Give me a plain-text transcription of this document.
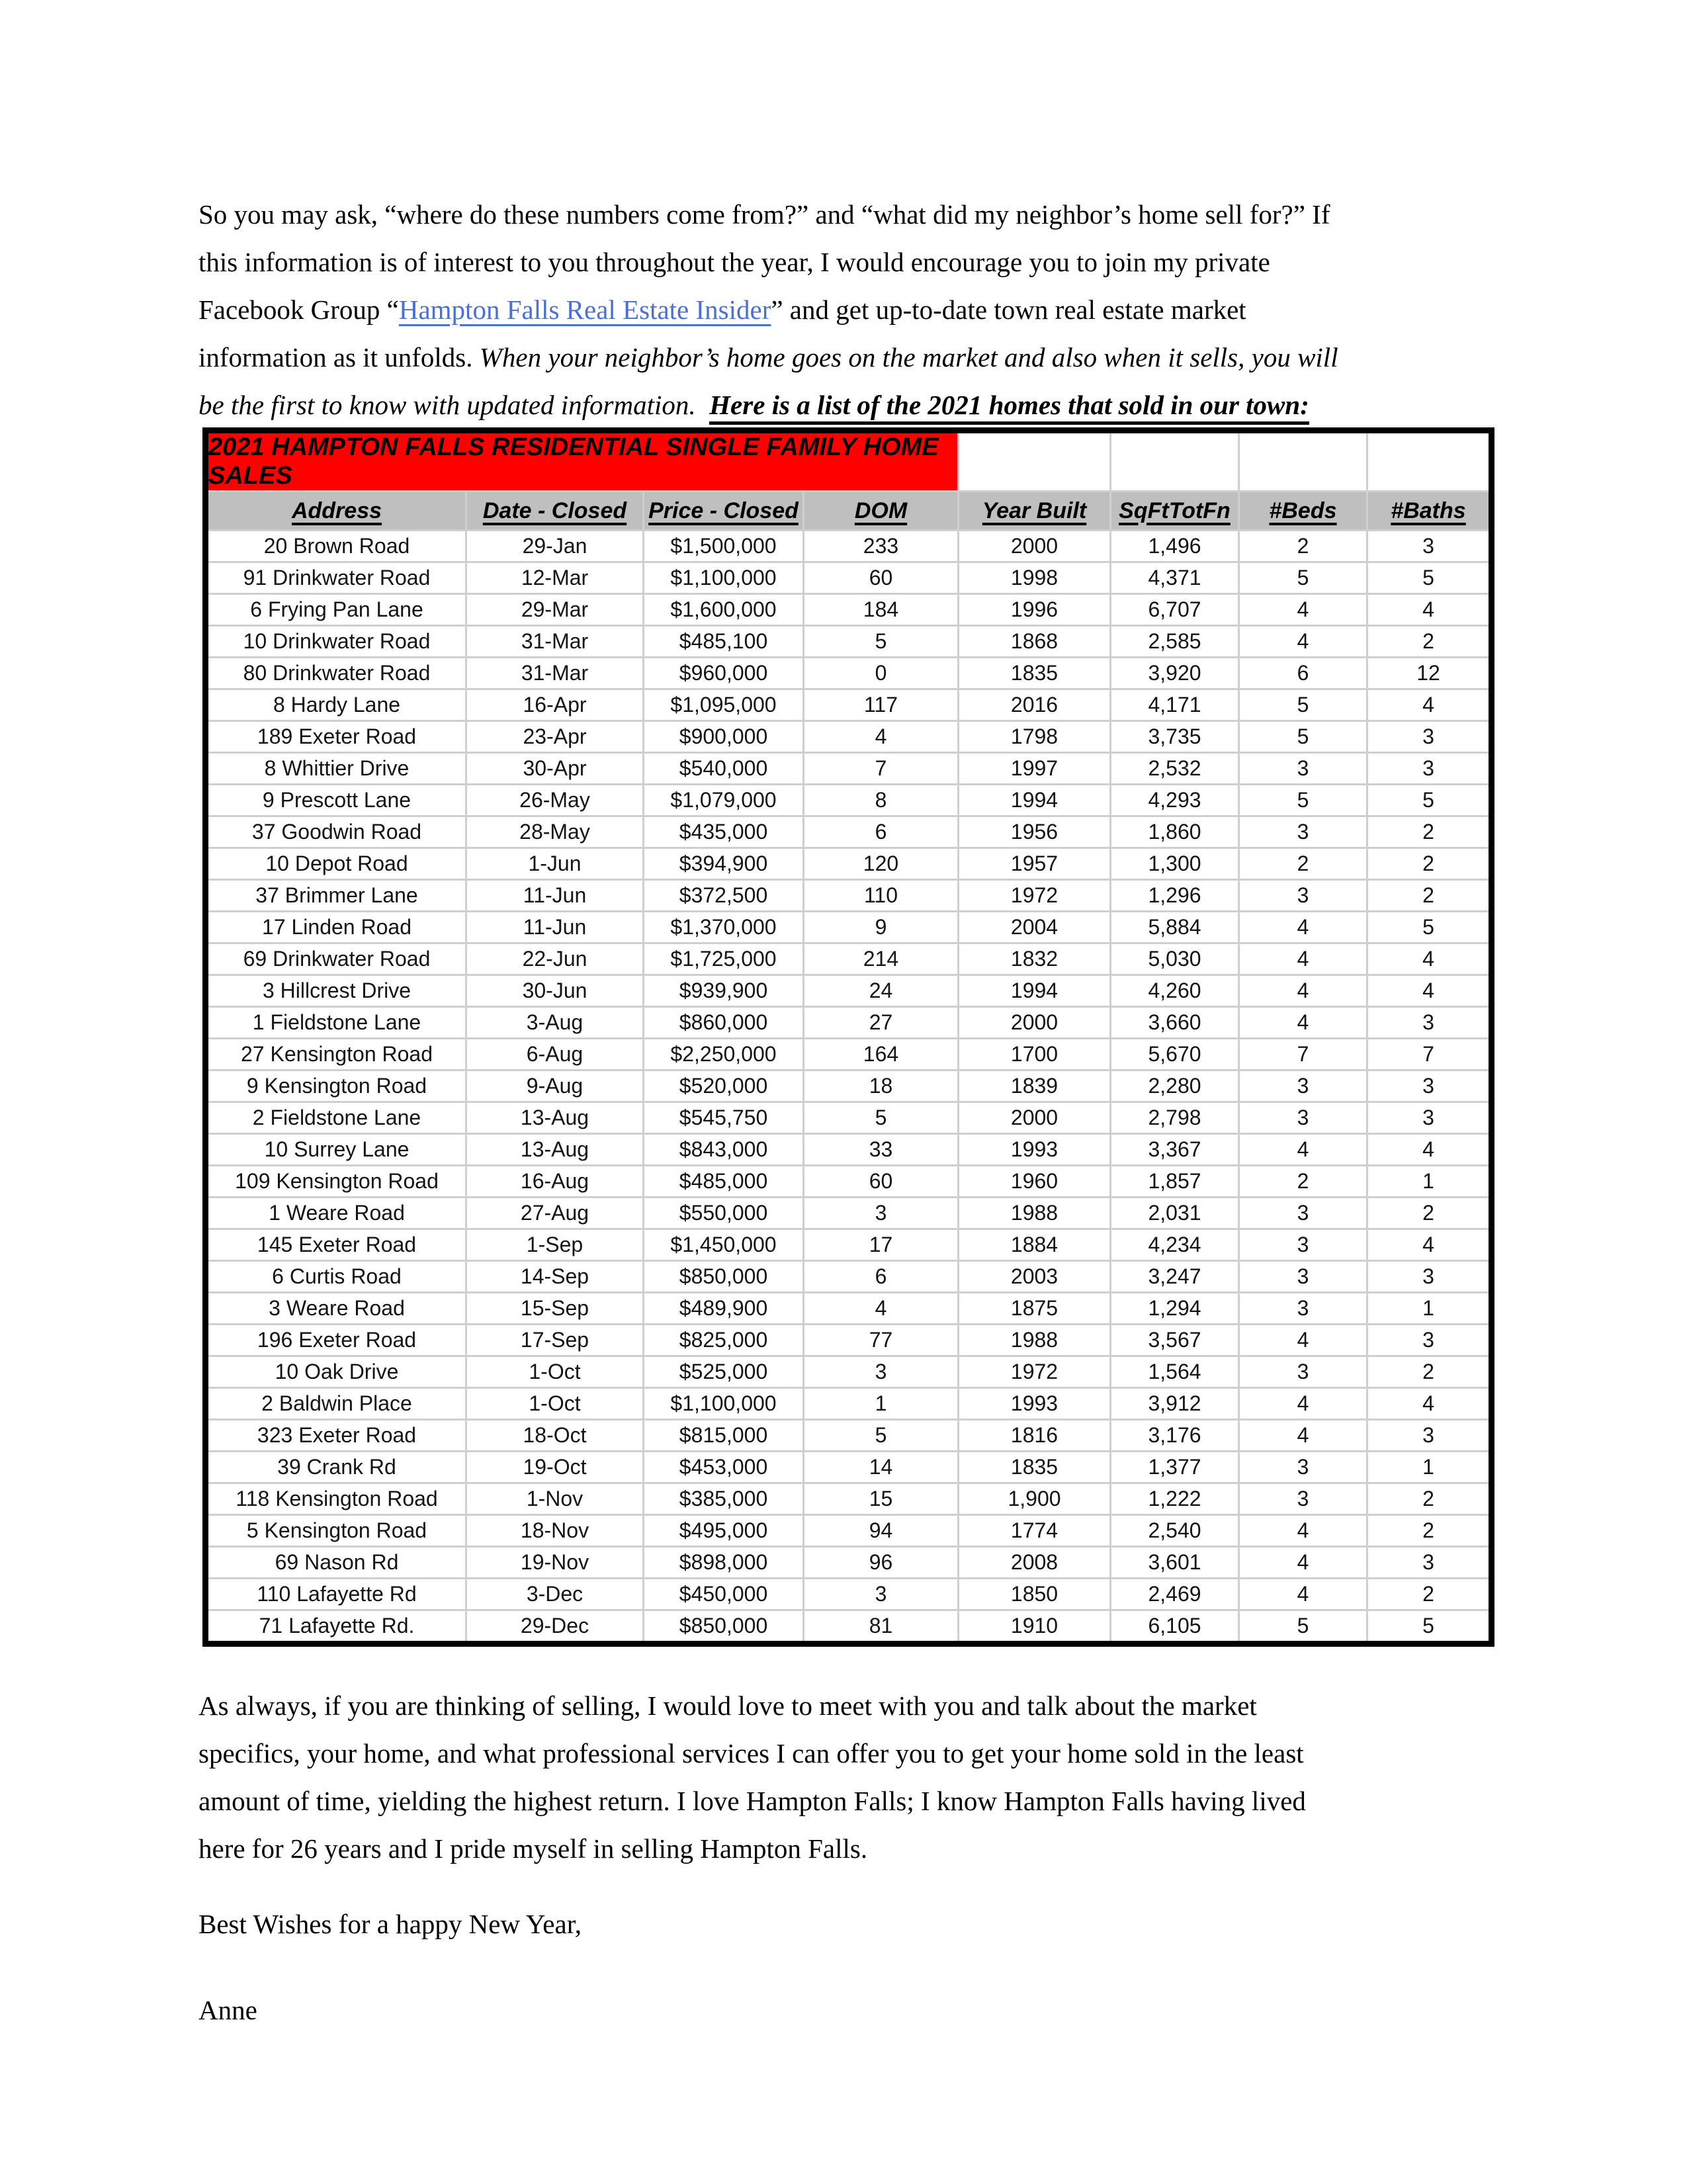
So you may ask, “where do these numbers come from?” and “what did my neighbor’s home sell for?” If
this information is of interest to you throughout the year, I would encourage you to join my private
Facebook Group “Hampton Falls Real Estate Insider” and get up-to-date town real estate market
information as it unfolds. When your neighbor’s home goes on the market and also when it sells, you will
be the first to know with updated information.  Here is a list of the 2021 homes that sold in our town:
2021 HAMPTON FALLS RESIDENTIAL SINGLE FAMILY HOME SALES							
Address	Date - Closed	Price - Closed	DOM	Year Built	SqFtTotFn	#Beds	#Baths
20 Brown Road	29-Jan	$1,500,000	233	2000	1,496	2	3
91 Drinkwater Road	12-Mar	$1,100,000	60	1998	4,371	5	5
6 Frying Pan Lane	29-Mar	$1,600,000	184	1996	6,707	4	4
10 Drinkwater Road	31-Mar	$485,100	5	1868	2,585	4	2
80 Drinkwater Road	31-Mar	$960,000	0	1835	3,920	6	12
8 Hardy Lane	16-Apr	$1,095,000	117	2016	4,171	5	4
189 Exeter Road	23-Apr	$900,000	4	1798	3,735	5	3
8 Whittier Drive	30-Apr	$540,000	7	1997	2,532	3	3
9 Prescott Lane	26-May	$1,079,000	8	1994	4,293	5	5
37 Goodwin Road	28-May	$435,000	6	1956	1,860	3	2
10 Depot Road	1-Jun	$394,900	120	1957	1,300	2	2
37 Brimmer Lane	11-Jun	$372,500	110	1972	1,296	3	2
17 Linden Road	11-Jun	$1,370,000	9	2004	5,884	4	5
69 Drinkwater Road	22-Jun	$1,725,000	214	1832	5,030	4	4
3 Hillcrest Drive	30-Jun	$939,900	24	1994	4,260	4	4
1 Fieldstone Lane	3-Aug	$860,000	27	2000	3,660	4	3
27 Kensington Road	6-Aug	$2,250,000	164	1700	5,670	7	7
9 Kensington Road	9-Aug	$520,000	18	1839	2,280	3	3
2 Fieldstone Lane	13-Aug	$545,750	5	2000	2,798	3	3
10 Surrey Lane	13-Aug	$843,000	33	1993	3,367	4	4
109 Kensington Road	16-Aug	$485,000	60	1960	1,857	2	1
1 Weare Road	27-Aug	$550,000	3	1988	2,031	3	2
145 Exeter Road	1-Sep	$1,450,000	17	1884	4,234	3	4
6 Curtis Road	14-Sep	$850,000	6	2003	3,247	3	3
3 Weare Road	15-Sep	$489,900	4	1875	1,294	3	1
196 Exeter Road	17-Sep	$825,000	77	1988	3,567	4	3
10 Oak Drive	1-Oct	$525,000	3	1972	1,564	3	2
2 Baldwin Place	1-Oct	$1,100,000	1	1993	3,912	4	4
323 Exeter Road	18-Oct	$815,000	5	1816	3,176	4	3
39 Crank Rd	19-Oct	$453,000	14	1835	1,377	3	1
118 Kensington Road	1-Nov	$385,000	15	1,900	1,222	3	2
5 Kensington Road	18-Nov	$495,000	94	1774	2,540	4	2
69 Nason Rd	19-Nov	$898,000	96	2008	3,601	4	3
110 Lafayette Rd	3-Dec	$450,000	3	1850	2,469	4	2
71 Lafayette Rd.	29-Dec	$850,000	81	1910	6,105	5	5
As always, if you are thinking of selling, I would love to meet with you and talk about the market
specifics, your home, and what professional services I can offer you to get your home sold in the least
amount of time, yielding the highest return. I love Hampton Falls; I know Hampton Falls having lived
here for 26 years and I pride myself in selling Hampton Falls.
Best Wishes for a happy New Year,
Anne
